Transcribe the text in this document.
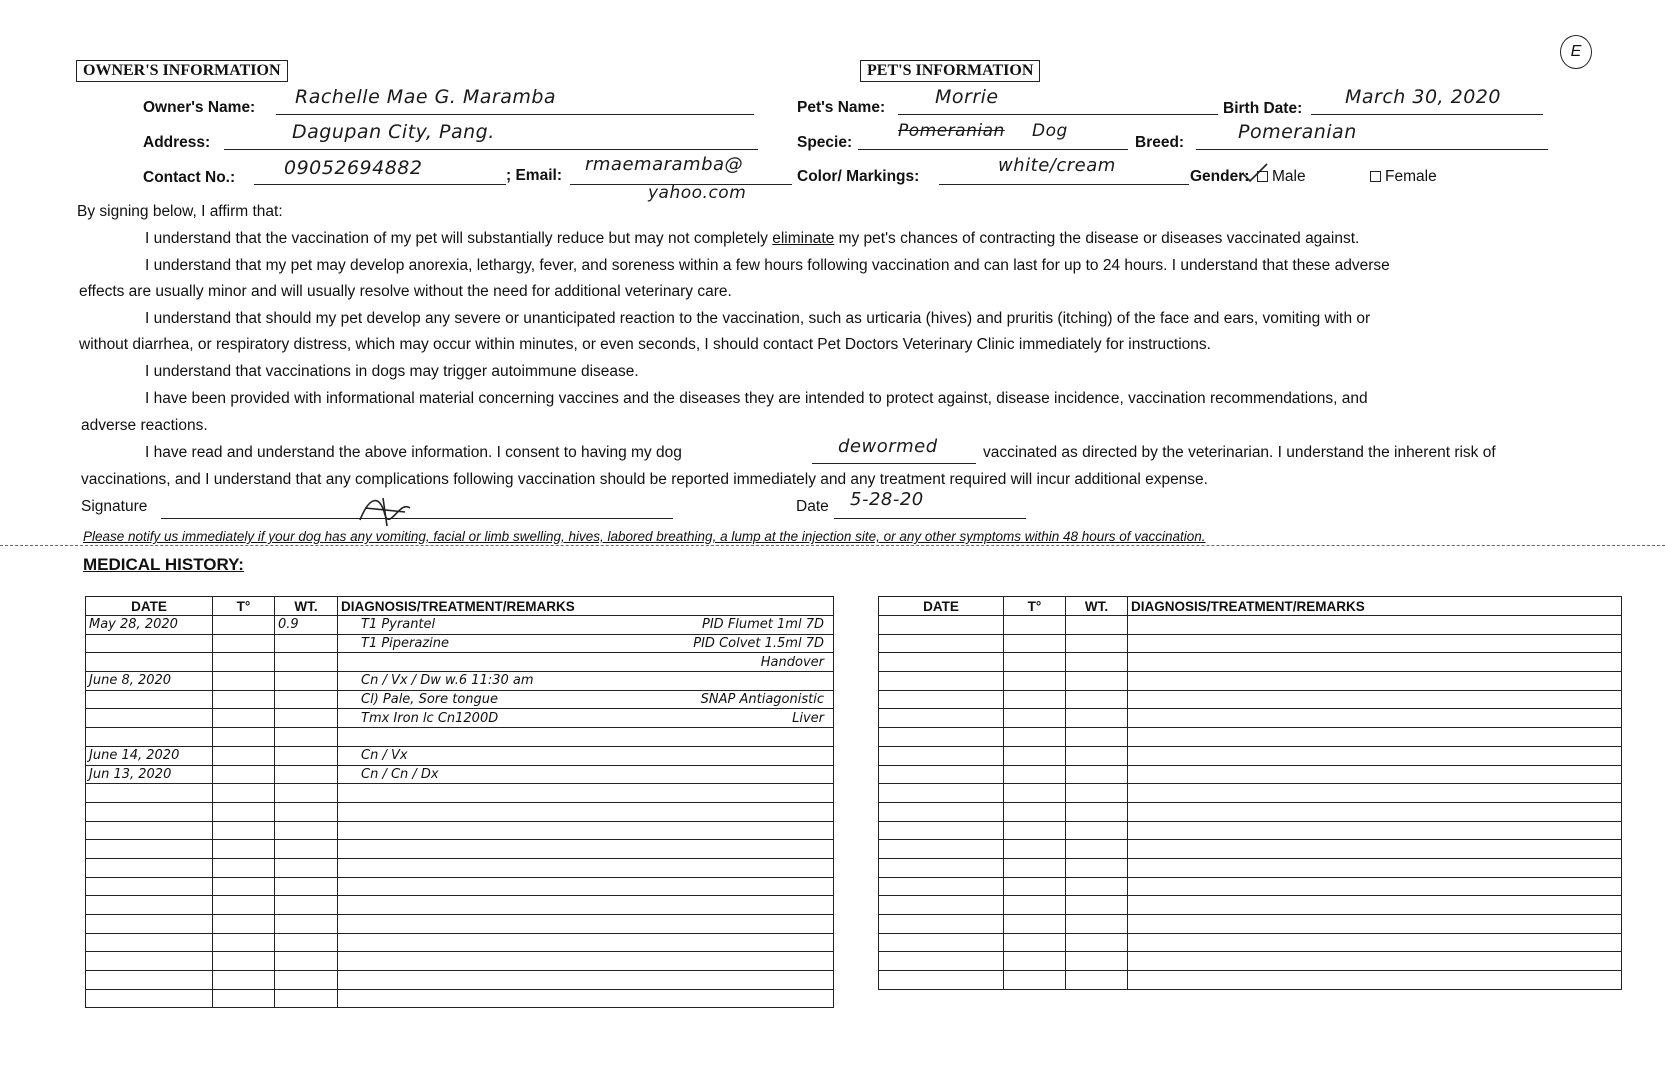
OWNER'S INFORMATION	PET'S INFORMATION
E
Owner's Name: Rachelle Mae G. Maramba
Address:	Dagupan City, Pang.
Contact No.:	09052694882	; Email:
rmaemaramba@
yahoo.com
Pet's Name:	Morrie
Birth Date:
March 30, 2020
Specie:
Pomeranian Dog
Breed:	Pomeranian
Color/ Markings:
white/cream
Gender:	Male	Female
By signing below, I affirm that:
I understand that the vaccination of my pet will substantially reduce but may not completely eliminate my pet's chances of contracting the disease or diseases vaccinated against.
I understand that my pet may develop anorexia, lethargy, fever, and soreness within a few hours following vaccination and can last for up to 24 hours. I understand that these adverse
effects are usually minor and will usually resolve without the need for additional veterinary care.
I understand that should my pet develop any severe or unanticipated reaction to the vaccination, such as urticaria (hives) and pruritis (itching) of the face and ears, vomiting with or
without diarrhea, or respiratory distress, which may occur within minutes, or even seconds, I should contact Pet Doctors Veterinary Clinic immediately for instructions.
I understand that vaccinations in dogs may trigger autoimmune disease.
I have been provided with informational material concerning vaccines and the diseases they are intended to protect against, disease incidence, vaccination recommendations, and
adverse reactions.
I have read and understand the above information. I consent to having my dog	dewormed	vaccinated as directed by the veterinarian. I understand the inherent risk of
vaccinations, and I understand that any complications following vaccination should be reported immediately and any treatment required will incur additional expense.
Signature	Date 5-28-20
Please notify us immediately if your dog has any vomiting, facial or limb swelling, hives, labored breathing, a lump at the injection site, or any other symptoms within 48 hours of vaccination.
MEDICAL HISTORY:
DATE	T°	WT.	DIAGNOSIS/TREATMENT/REMARKS
May 28, 2020		0.9	T1 Pyrantel PID Flumet 1ml 7D

			T1 Piperazine PID Colvet 1.5ml 7D

			Handover

June 8, 2020			Cn / Vx / Dw w.6 11:30 am

			Cl) Pale, Sore tongue SNAP Antiagonistic

			Tmx Iron lc Cn1200D Liver

June 14, 2020			Cn / Vx

Jun 13, 2020			Cn / Cn / Dx

DATE	T°	WT.	DIAGNOSIS/TREATMENT/REMARKS
